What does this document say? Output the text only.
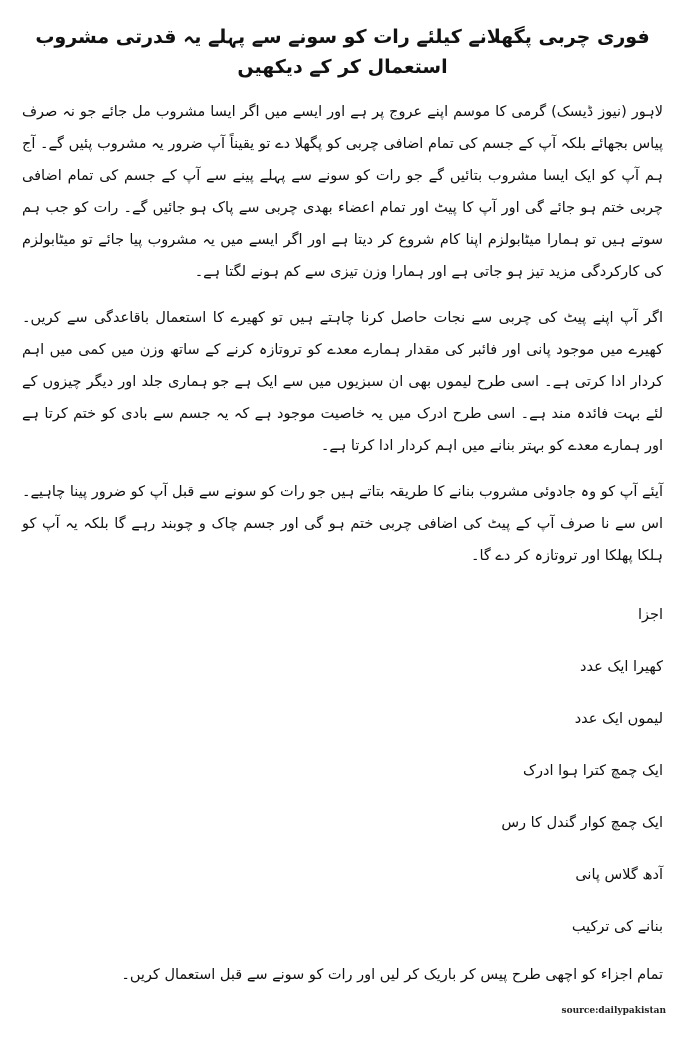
فوری چربی پگھلانے کیلئے رات کو سونے سے پہلے یہ قدرتی مشروب استعمال کر کے دیکھیں

لاہور (نیوز ڈیسک) گرمی کا موسم اپنے عروج پر ہے اور ایسے میں اگر ایسا مشروب مل جائے جو نہ صرف پیاس بجھائے بلکہ آپ کے جسم کی تمام اضافی چربی کو پگھلا دے تو یقیناً آپ ضرور یہ مشروب پئیں گے۔ آج ہم آپ کو ایک ایسا مشروب بتائیں گے جو رات کو سونے سے پہلے پینے سے آپ کے جسم کی تمام اضافی چربی ختم ہو جائے گی اور آپ کا پیٹ اور تمام اعضاء بھدی چربی سے پاک ہو جائیں گے۔ رات کو جب ہم سوتے ہیں تو ہمارا میٹابولزم اپنا کام شروع کر دیتا ہے اور اگر ایسے میں یہ مشروب پیا جائے تو میٹابولزم کی کارکردگی مزید تیز ہو جاتی ہے اور ہمارا وزن تیزی سے کم ہونے لگتا ہے۔

اگر آپ اپنے پیٹ کی چربی سے نجات حاصل کرنا چاہتے ہیں تو کھیرے کا استعمال باقاعدگی سے کریں۔ کھیرے میں موجود پانی اور فائبر کی مقدار ہمارے معدے کو تروتازہ کرنے کے ساتھ وزن میں کمی میں اہم کردار ادا کرتی ہے۔ اسی طرح لیموں بھی ان سبزیوں میں سے ایک ہے جو ہماری جلد اور دیگر چیزوں کے لئے بہت فائدہ مند ہے۔ اسی طرح ادرک میں یہ خاصیت موجود ہے کہ یہ جسم سے بادی کو ختم کرتا ہے اور ہمارے معدے کو بہتر بنانے میں اہم کردار ادا کرتا ہے۔

آیئے آپ کو وہ جادوئی مشروب بنانے کا طریقہ بتاتے ہیں جو رات کو سونے سے قبل آپ کو ضرور پینا چاہیے۔ اس سے نا صرف آپ کے پیٹ کی اضافی چربی ختم ہو گی اور جسم چاک و چوبند رہے گا بلکہ یہ آپ کو ہلکا پھلکا اور تروتازہ کر دے گا۔

اجزا

کھیرا ایک عدد

لیموں ایک عدد

ایک چمچ کترا ہوا ادرک

ایک چمچ کوار گندل کا رس

آدھ گلاس پانی

بنانے کی ترکیب

تمام اجزاء کو اچھی طرح پیس کر باریک کر لیں اور رات کو سونے سے قبل استعمال کریں۔

source:dailypakistan
